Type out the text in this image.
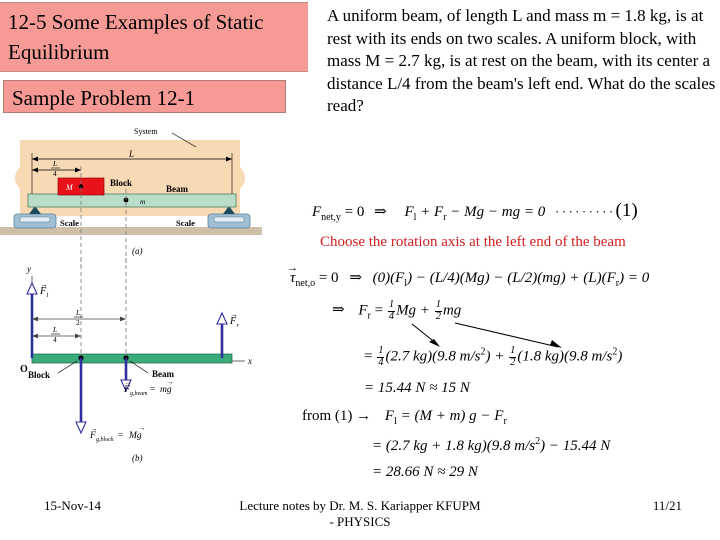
12-5 Some Examples of Static Equilibrium
Sample Problem 12-1
A uniform beam, of length L and mass m = 1.8 kg, is at rest with its ends on two scales. A uniform block, with mass M = 2.7 kg, is at rest on the beam, with its center a distance L/4 from the beam's left end. What do the scales read?
System
L
L
4
M	Block
Beam
m
Scale	Scale
(a)
y
x
O
F l
→
F r
→
L
2
L
4
Block	Beam
F g,beam
→
= mg
→
F g,block
→
= Mg
→
(b)
$F_{net,y} = 0$ ⇒ $F_l + F_r - Mg$ − mg = 0 ·········(1)
Choose the rotation axis at the left end of the beam
$\tau \to_{net,o} = 0$ ⇒ $(0)(F_l) - (L/4)(Mg) - (L/2)(mg) + (L)(F_r) = 0$
⇒ $F_r = \frac{1}{4}$ $Mg + \frac{1}{2}$ mg
= $\frac{1}{4} (2.7$ kg)(9.8 $m/s^2) + \frac{1}{2} (1.8$ kg)(9.8 $m/s^2$)
= 15.44 N ≈ 15 N
from $(1) \to F_l = (M + m) g - F_r$
= (2.7 kg + 1.8 kg)(9.8 $m/s^2) - 15.44$ N
= 28.66 N ≈ 29 N
15-Nov-14	Lecture notes by Dr. M. S. Kariapper KFUPM
- PHYSICS
11/21
